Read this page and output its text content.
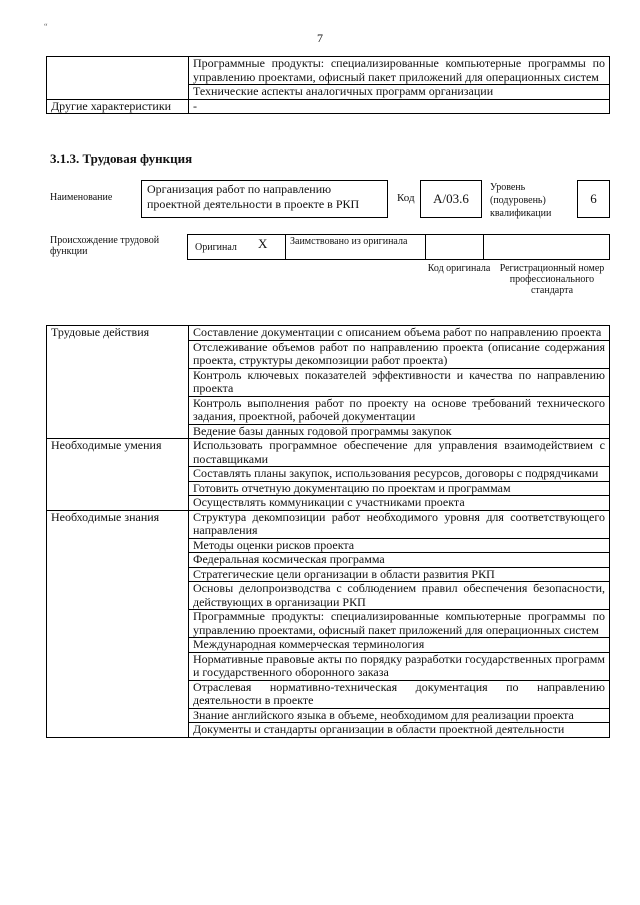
“
7
	Программные продукты: специализированные компьютерные программы по управлению проектами, офисный пакет приложений для операционных систем
	Технические аспекты аналогичных программ организации
Другие характеристики	-
3.1.3. Трудовая функция
Наименование
Организация работ по направлению проектной деятельности в проекте в РКП	Код	А/03.6
Уровень (подуровень) квалификации
6
Происхождение трудовой функции	Оригинал X	Заимствовано из оригинала
Код оригинала Регистрационный номер профессионального стандарта
Трудовые действия	Составление документации с описанием объема работ по направлению проекта
	Отслеживание объемов работ по направлению проекта (описание содержания проекта, структуры декомпозиции работ проекта)
	Контроль ключевых показателей эффективности и качества по направлению проекта
	Контроль выполнения работ по проекту на основе требований технического задания, проектной, рабочей документации
	Ведение базы данных годовой программы закупок
Необходимые умения	Использовать программное обеспечение для управления взаимодействием с поставщиками
	Составлять планы закупок, использования ресурсов, договоры с подрядчиками
	Готовить отчетную документацию по проектам и программам
	Осуществлять коммуникации с участниками проекта
Необходимые знания	Структура декомпозиции работ необходимого уровня для соответствующего направления
	Методы оценки рисков проекта
	Федеральная космическая программа
	Стратегические цели организации в области развития РКП
	Основы делопроизводства с соблюдением правил обеспечения безопасности, действующих в организации РКП
	Программные продукты: специализированные компьютерные программы по управлению проектами, офисный пакет приложений для операционных систем
	Международная коммерческая терминология
	Нормативные правовые акты по порядку разработки государственных программ и государственного оборонного заказа
	Отраслевая нормативно-техническая документация по направлению деятельности в проекте
	Знание английского языка в объеме, необходимом для реализации проекта
	Документы и стандарты организации в области проектной деятельности
